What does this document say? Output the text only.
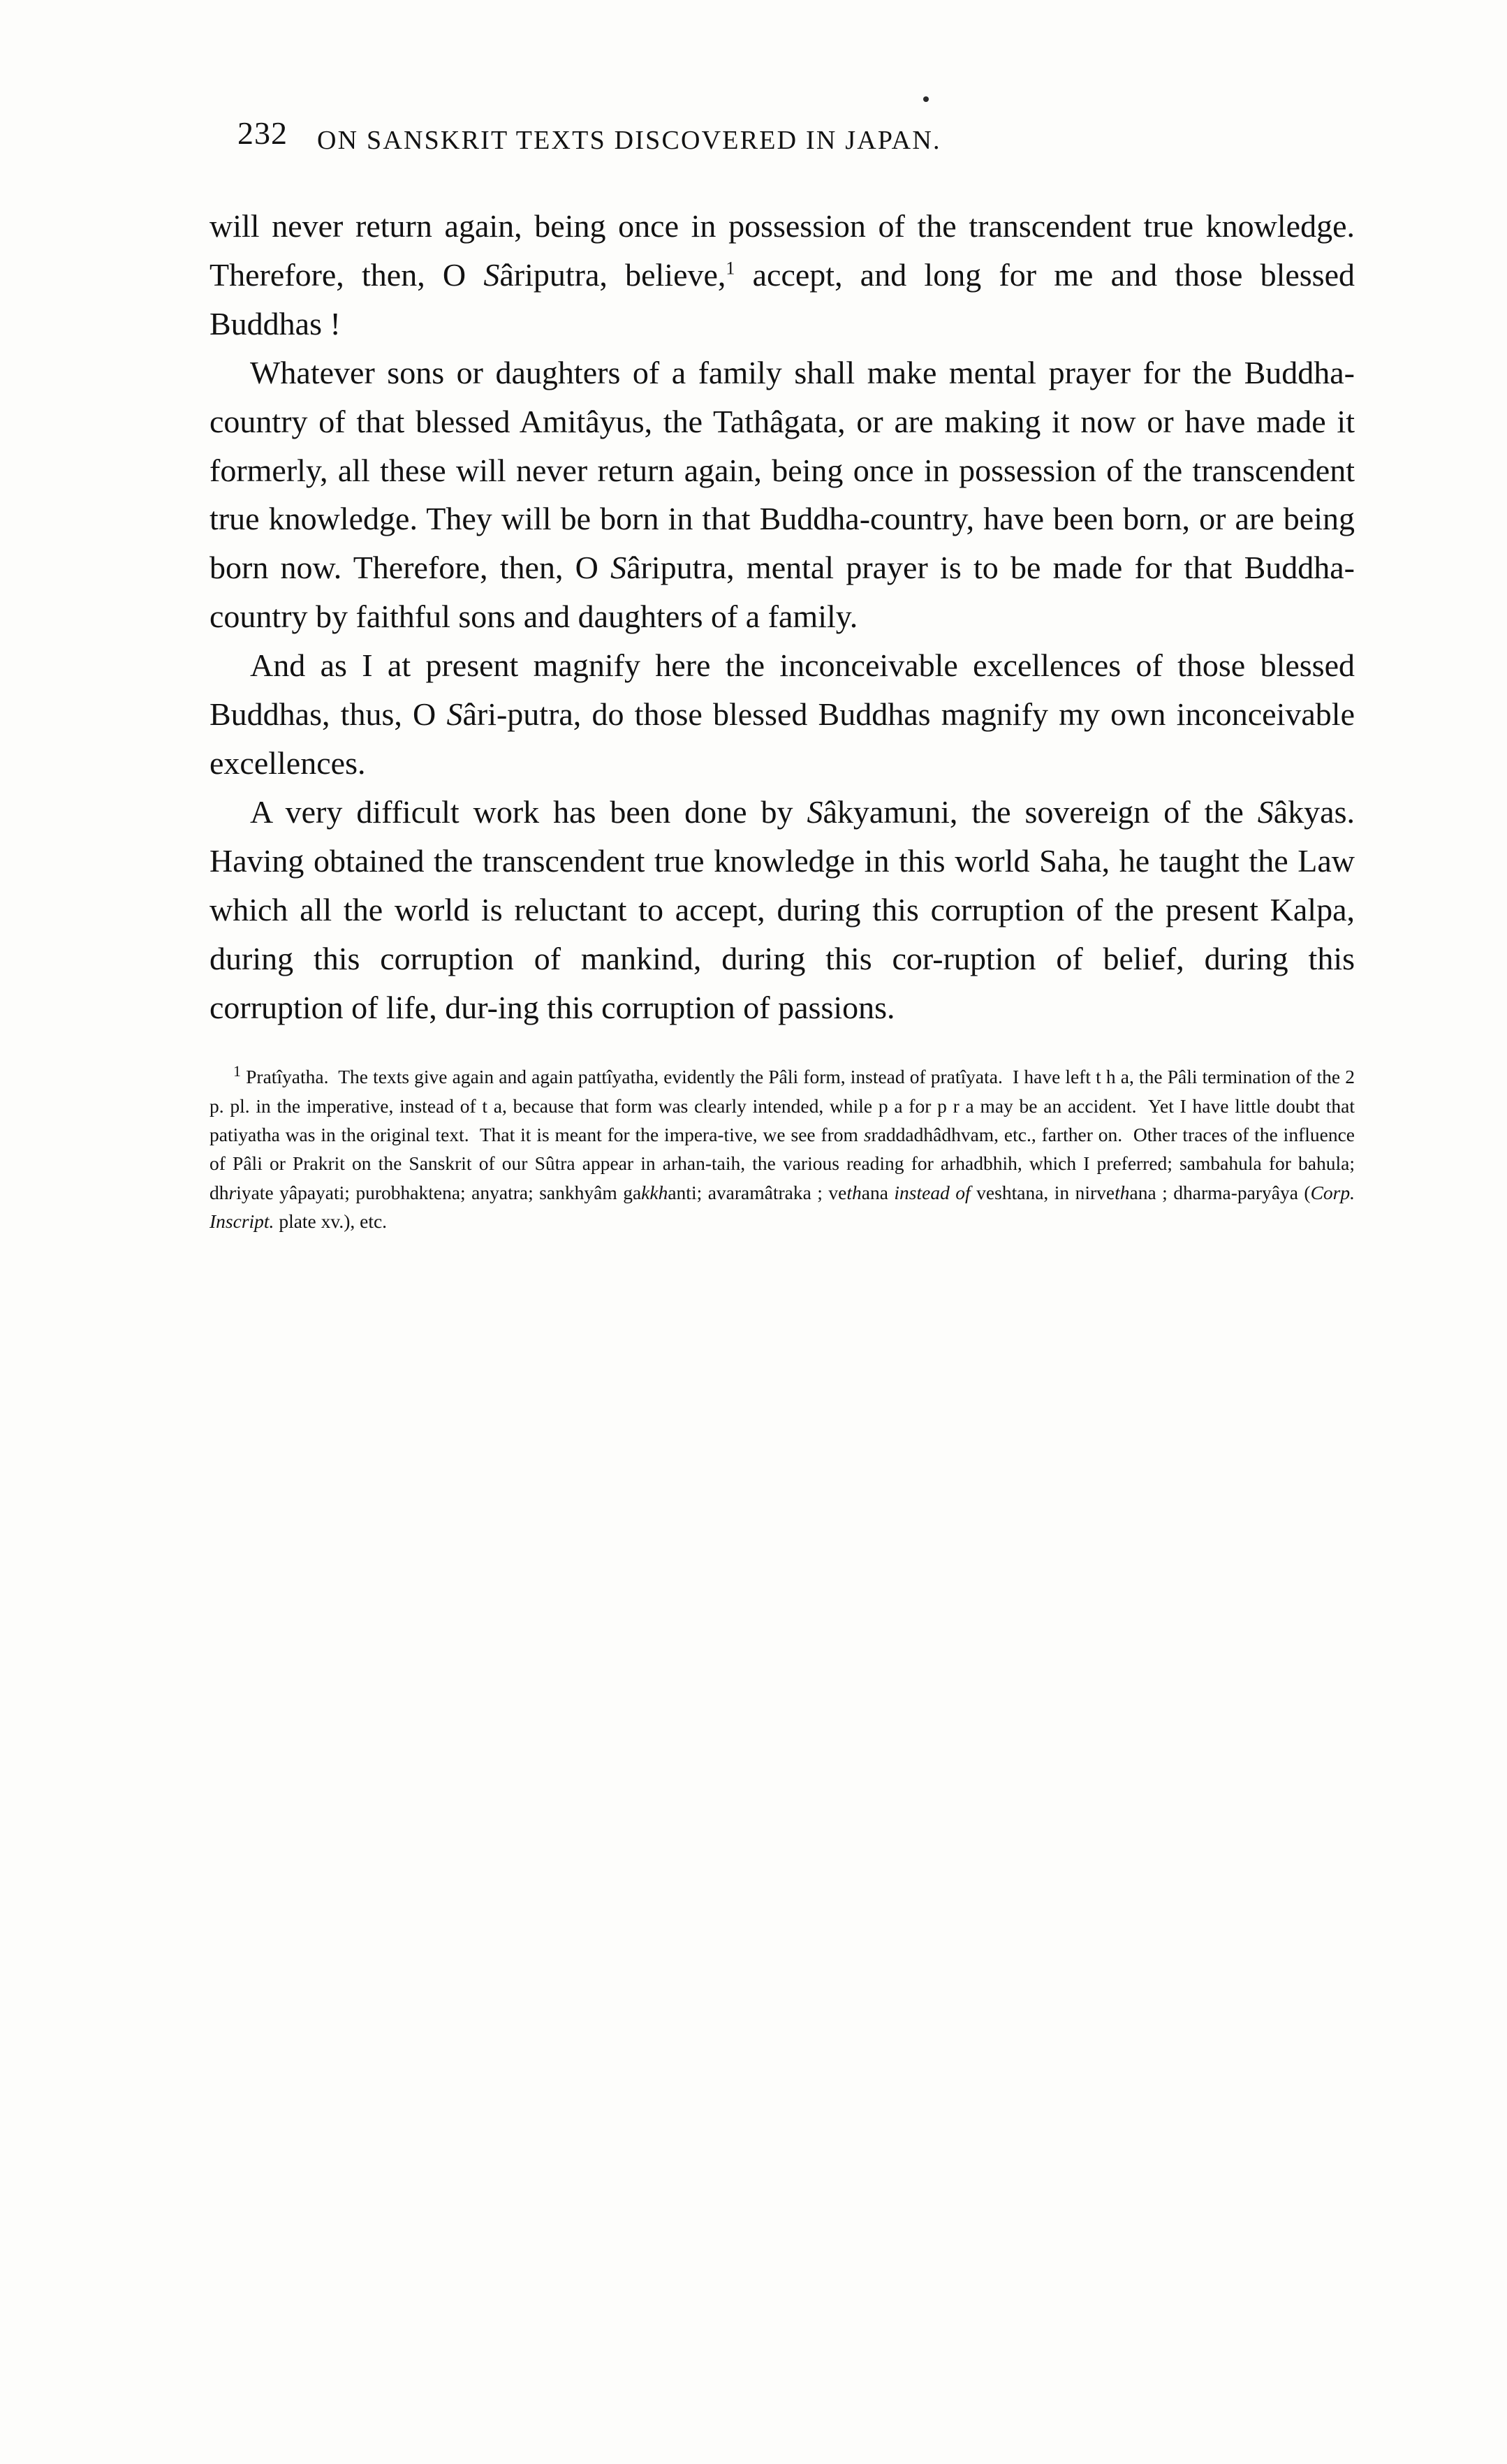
232 ON SANSKRIT TEXTS DISCOVERED IN JAPAN.

will never return again, being once in possession of the transcendent true knowledge. Therefore, then, O Sâriputra, believe,$^1$ accept, and long for me and those blessed Buddhas !

Whatever sons or daughters of a family shall make mental prayer for the Buddha-country of that blessed Amitâyus, the Tathâgata, or are making it now or have made it formerly, all these will never return again, being once in possession of the transcendent true knowledge. They will be born in that Buddha-country, have been born, or are being born now. Therefore, then, O Sâriputra, mental prayer is to be made for that Buddha-country by faithful sons and daughters of a family.

And as I at present magnify here the inconceivable excellences of those blessed Buddhas, thus, O Sâri-putra, do those blessed Buddhas magnify my own inconceivable excellences.

A very difficult work has been done by Sâkyamuni, the sovereign of the Sâkyas. Having obtained the transcendent true knowledge in this world Saha, he taught the Law which all the world is reluctant to accept, during this corruption of the present Kalpa, during this corruption of mankind, during this cor-ruption of belief, during this corruption of life, dur-ing this corruption of passions.

$^1$ Pratîyatha.  The texts give again and again pattîyatha, evidently the Pâli form, instead of pratîyata.  I have left t h a, the Pâli termination of the 2 p. pl. in the imperative, instead of t a, because that form was clearly intended, while p a for p r a may be an accident.  Yet I have little doubt that patiyatha was in the original text.  That it is meant for the impera-tive, we see from sraddadhâdhvam, etc., farther on.  Other traces of the influence of Pâli or Prakrit on the Sanskrit of our Sûtra appear in arhan-taih, the various reading for arhadbhih, which I preferred; sambahula for bahula; dhriyate yâpayati; purobhaktena; anyatra; sankhyâm gakkhanti; avaramâtraka ; vethana instead of veshtana, in nirvethana ; dharma-paryâya (Corp. Inscript. plate xv.), etc.
